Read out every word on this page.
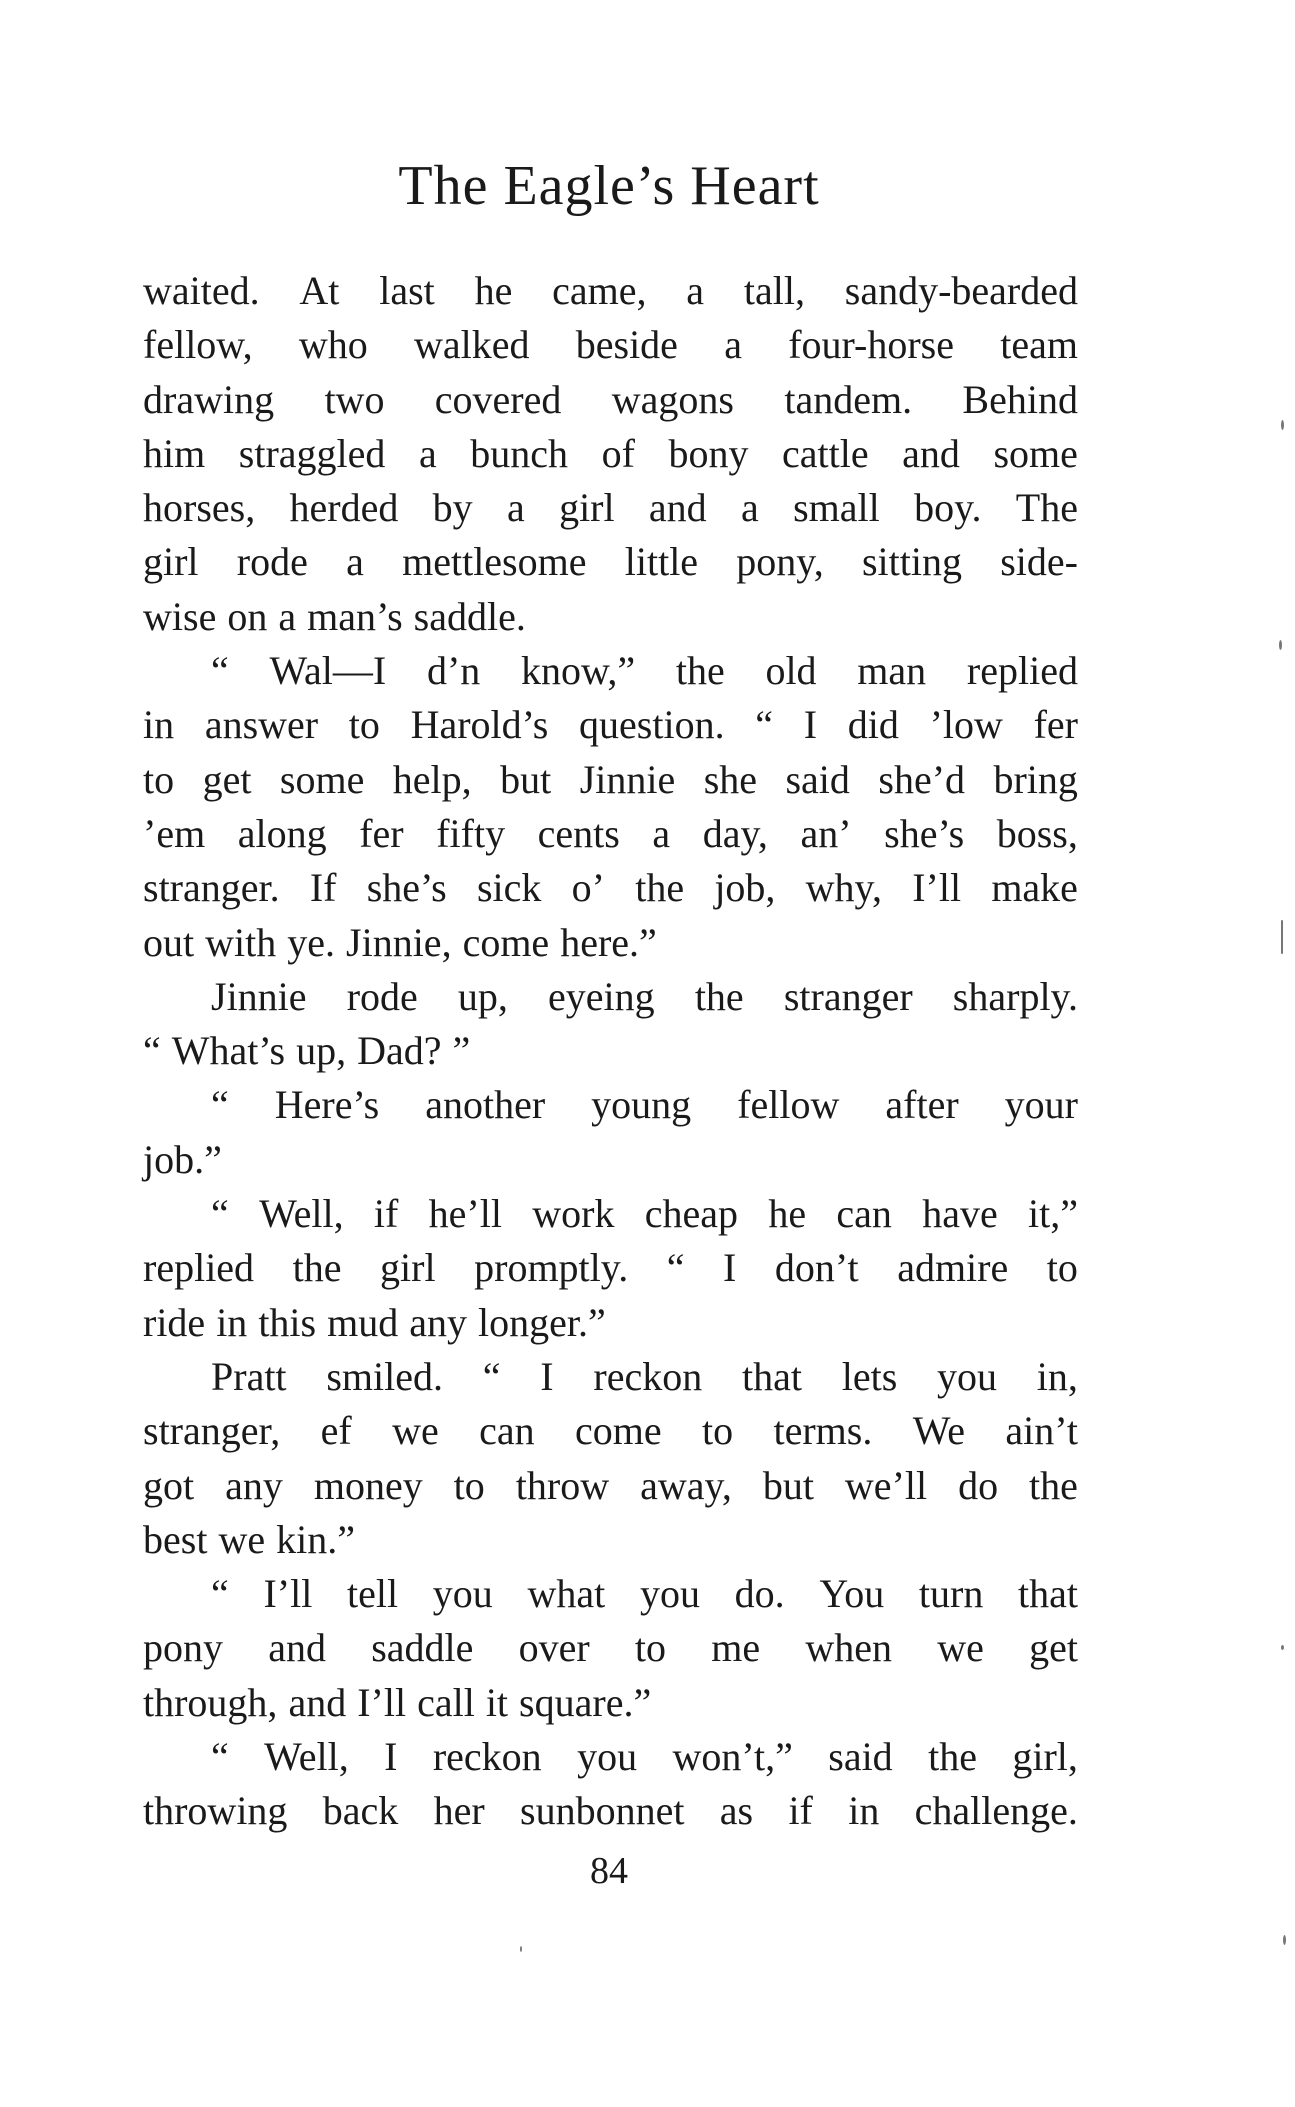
The Eagle’s Heart
waited. At last he came, a tall, sandy-bearded
fellow, who walked beside a four-horse team
drawing two covered wagons tandem. Behind
him straggled a bunch of bony cattle and some
horses, herded by a girl and a small boy. The
girl rode a mettlesome little pony, sitting side-
wise on a man’s saddle.
“ Wal—I d’n know,” the old man replied
in answer to Harold’s question. “ I did ’low fer
to get some help, but Jinnie she said she’d bring
’em along fer fifty cents a day, an’ she’s boss,
stranger. If she’s sick o’ the job, why, I’ll make
out with ye. Jinnie, come here.”
Jinnie rode up, eyeing the stranger sharply.
“ What’s up, Dad? ”
“ Here’s another young fellow after your
job.”
“ Well, if he’ll work cheap he can have it,”
replied the girl promptly. “ I don’t admire to
ride in this mud any longer.”
Pratt smiled. “ I reckon that lets you in,
stranger, ef we can come to terms. We ain’t
got any money to throw away, but we’ll do the
best we kin.”
“ I’ll tell you what you do. You turn that
pony and saddle over to me when we get
through, and I’ll call it square.”
“ Well, I reckon you won’t,” said the girl,
throwing back her sunbonnet as if in challenge.
84
